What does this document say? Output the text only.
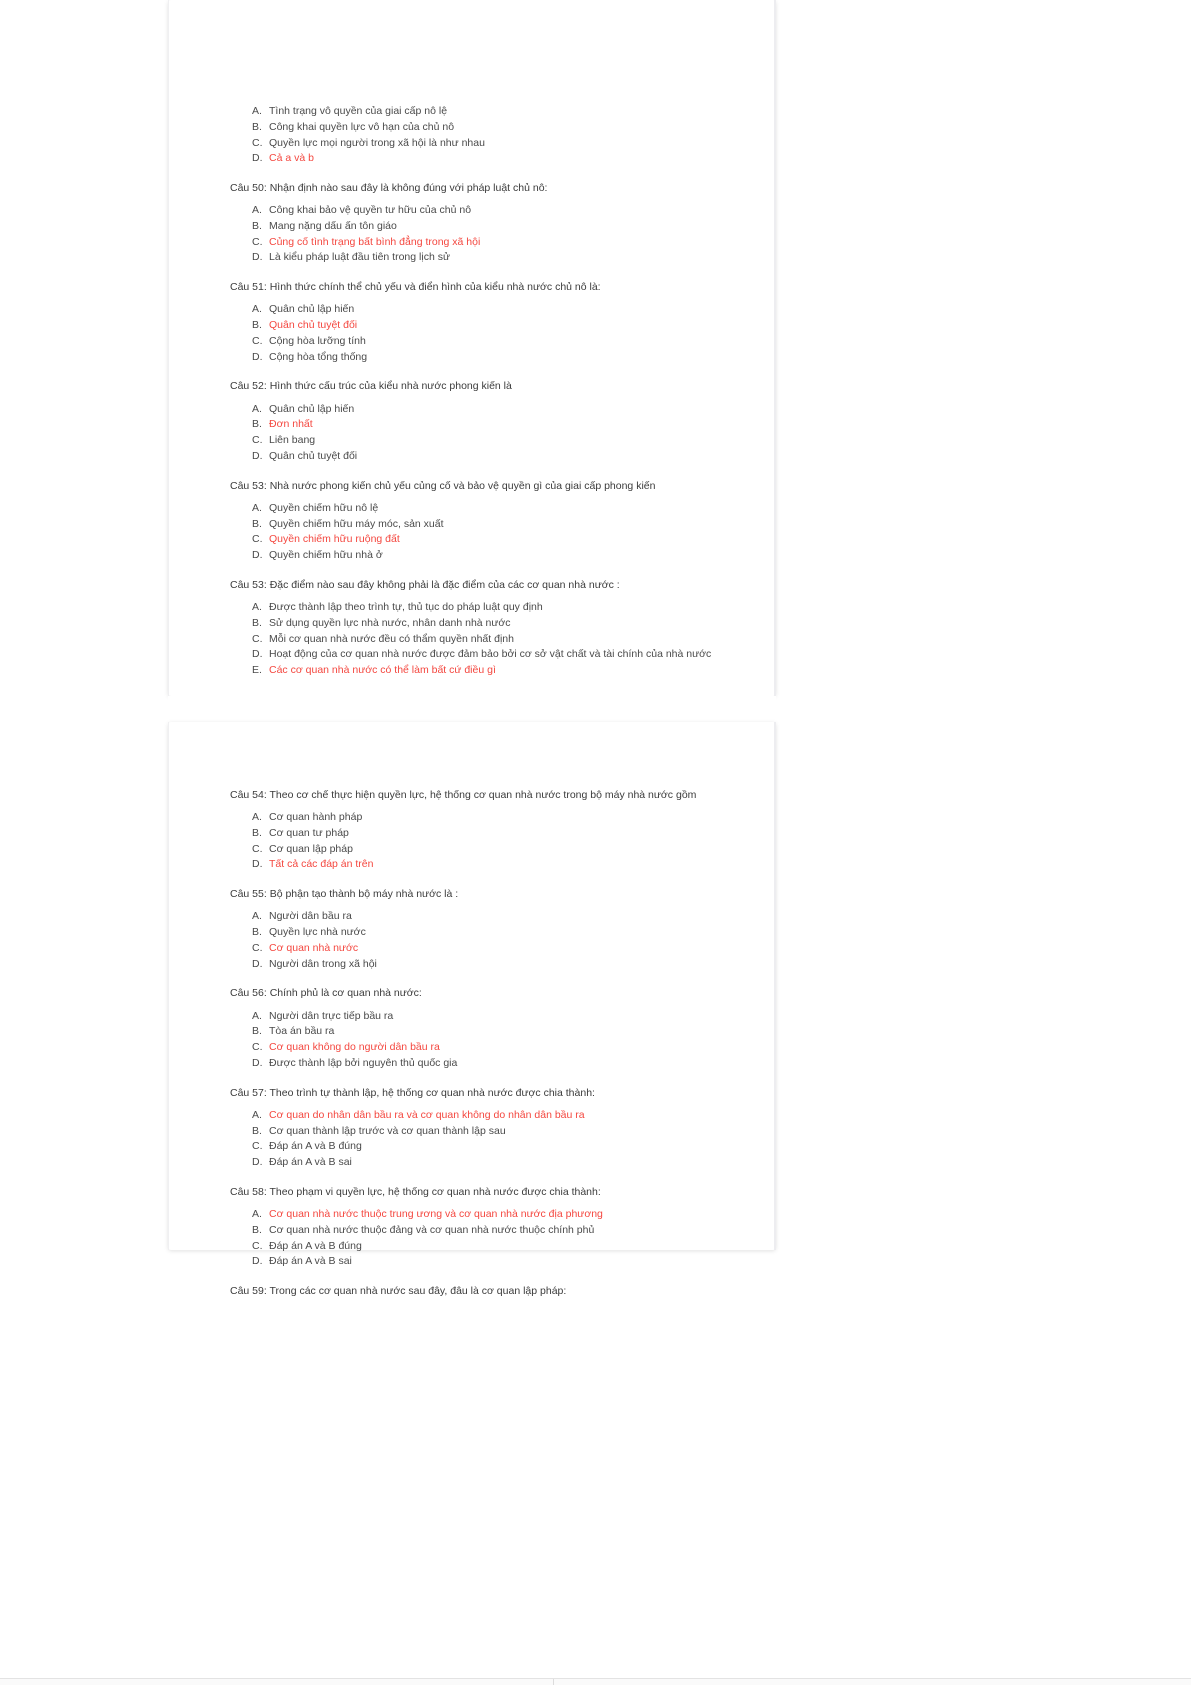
A. Tình trạng vô quyền của giai cấp nô lệ
B. Công khai quyền lực vô hạn của chủ nô
C. Quyền lực mọi người trong xã hội là như nhau
D. Cả a và b
Câu 50: Nhận định nào sau đây là không đúng với pháp luật chủ nô:
A. Công khai bảo vệ quyền tư hữu của chủ nô
B. Mang nặng dấu ấn tôn giáo
C. Củng cố tình trạng bất bình đẳng trong xã hội
D. Là kiểu pháp luật đầu tiên trong lịch sử
Câu 51: Hình thức chính thể chủ yếu và điển hình của kiểu nhà nước chủ nô là:
A. Quân chủ lập hiến
B. Quân chủ tuyệt đối
C. Cộng hòa lưỡng tính
D. Cộng hòa tổng thống
Câu 52: Hình thức cấu trúc của kiểu nhà nước phong kiến là
A. Quân chủ lập hiến
B. Đơn nhất
C. Liên bang
D. Quân chủ tuyệt đối
Câu 53: Nhà nước phong kiến chủ yếu củng cố và bảo vệ quyền gì của giai cấp phong kiến
A. Quyền chiếm hữu nô lệ
B. Quyền chiếm hữu máy móc, sản xuất
C. Quyền chiếm hữu ruộng đất
D. Quyền chiếm hữu nhà ở
Câu 53: Đặc điểm nào sau đây không phải là đặc điểm của các cơ quan nhà nước :
A. Được thành lập theo trình tự, thủ tục do pháp luật quy định
B. Sử dụng quyền lực nhà nước, nhân danh nhà nước
C. Mỗi cơ quan nhà nước đều có thẩm quyền nhất định
D. Hoạt động của cơ quan nhà nước được đảm bảo bởi cơ sở vật chất và tài chính của nhà nước
E. Các cơ quan nhà nước có thể làm bất cứ điều gì
Câu 54: Theo cơ chế thực hiện quyền lực, hệ thống cơ quan nhà nước trong bộ máy nhà nước gồm
A. Cơ quan hành pháp
B. Cơ quan tư pháp
C. Cơ quan lập pháp
D. Tất cả các đáp án trên
Câu 55: Bộ phận tạo thành bộ máy nhà nước là :
A. Người dân bầu ra
B. Quyền lực nhà nước
C. Cơ quan nhà nước
D. Người dân trong xã hội
Câu 56: Chính phủ là cơ quan nhà nước:
A. Người dân trực tiếp bầu ra
B. Tòa án bầu ra
C. Cơ quan không do người dân bầu ra
D. Được thành lập bởi nguyên thủ quốc gia
Câu 57: Theo trình tự thành lập, hệ thống cơ quan nhà nước được chia thành:
A. Cơ quan do nhân dân bầu ra và cơ quan không do nhân dân bầu ra
B. Cơ quan thành lập trước và cơ quan thành lập sau
C. Đáp án A và B đúng
D. Đáp án A và B sai
Câu 58: Theo phạm vi quyền lực, hệ thống cơ quan nhà nước được chia thành:
A. Cơ quan nhà nước thuộc trung ương và cơ quan nhà nước địa phương
B. Cơ quan nhà nước thuộc đảng và cơ quan nhà nước thuộc chính phủ
C. Đáp án A và B đúng
D. Đáp án A và B sai
Câu 59: Trong các cơ quan nhà nước sau đây, đâu là cơ quan lập pháp:
